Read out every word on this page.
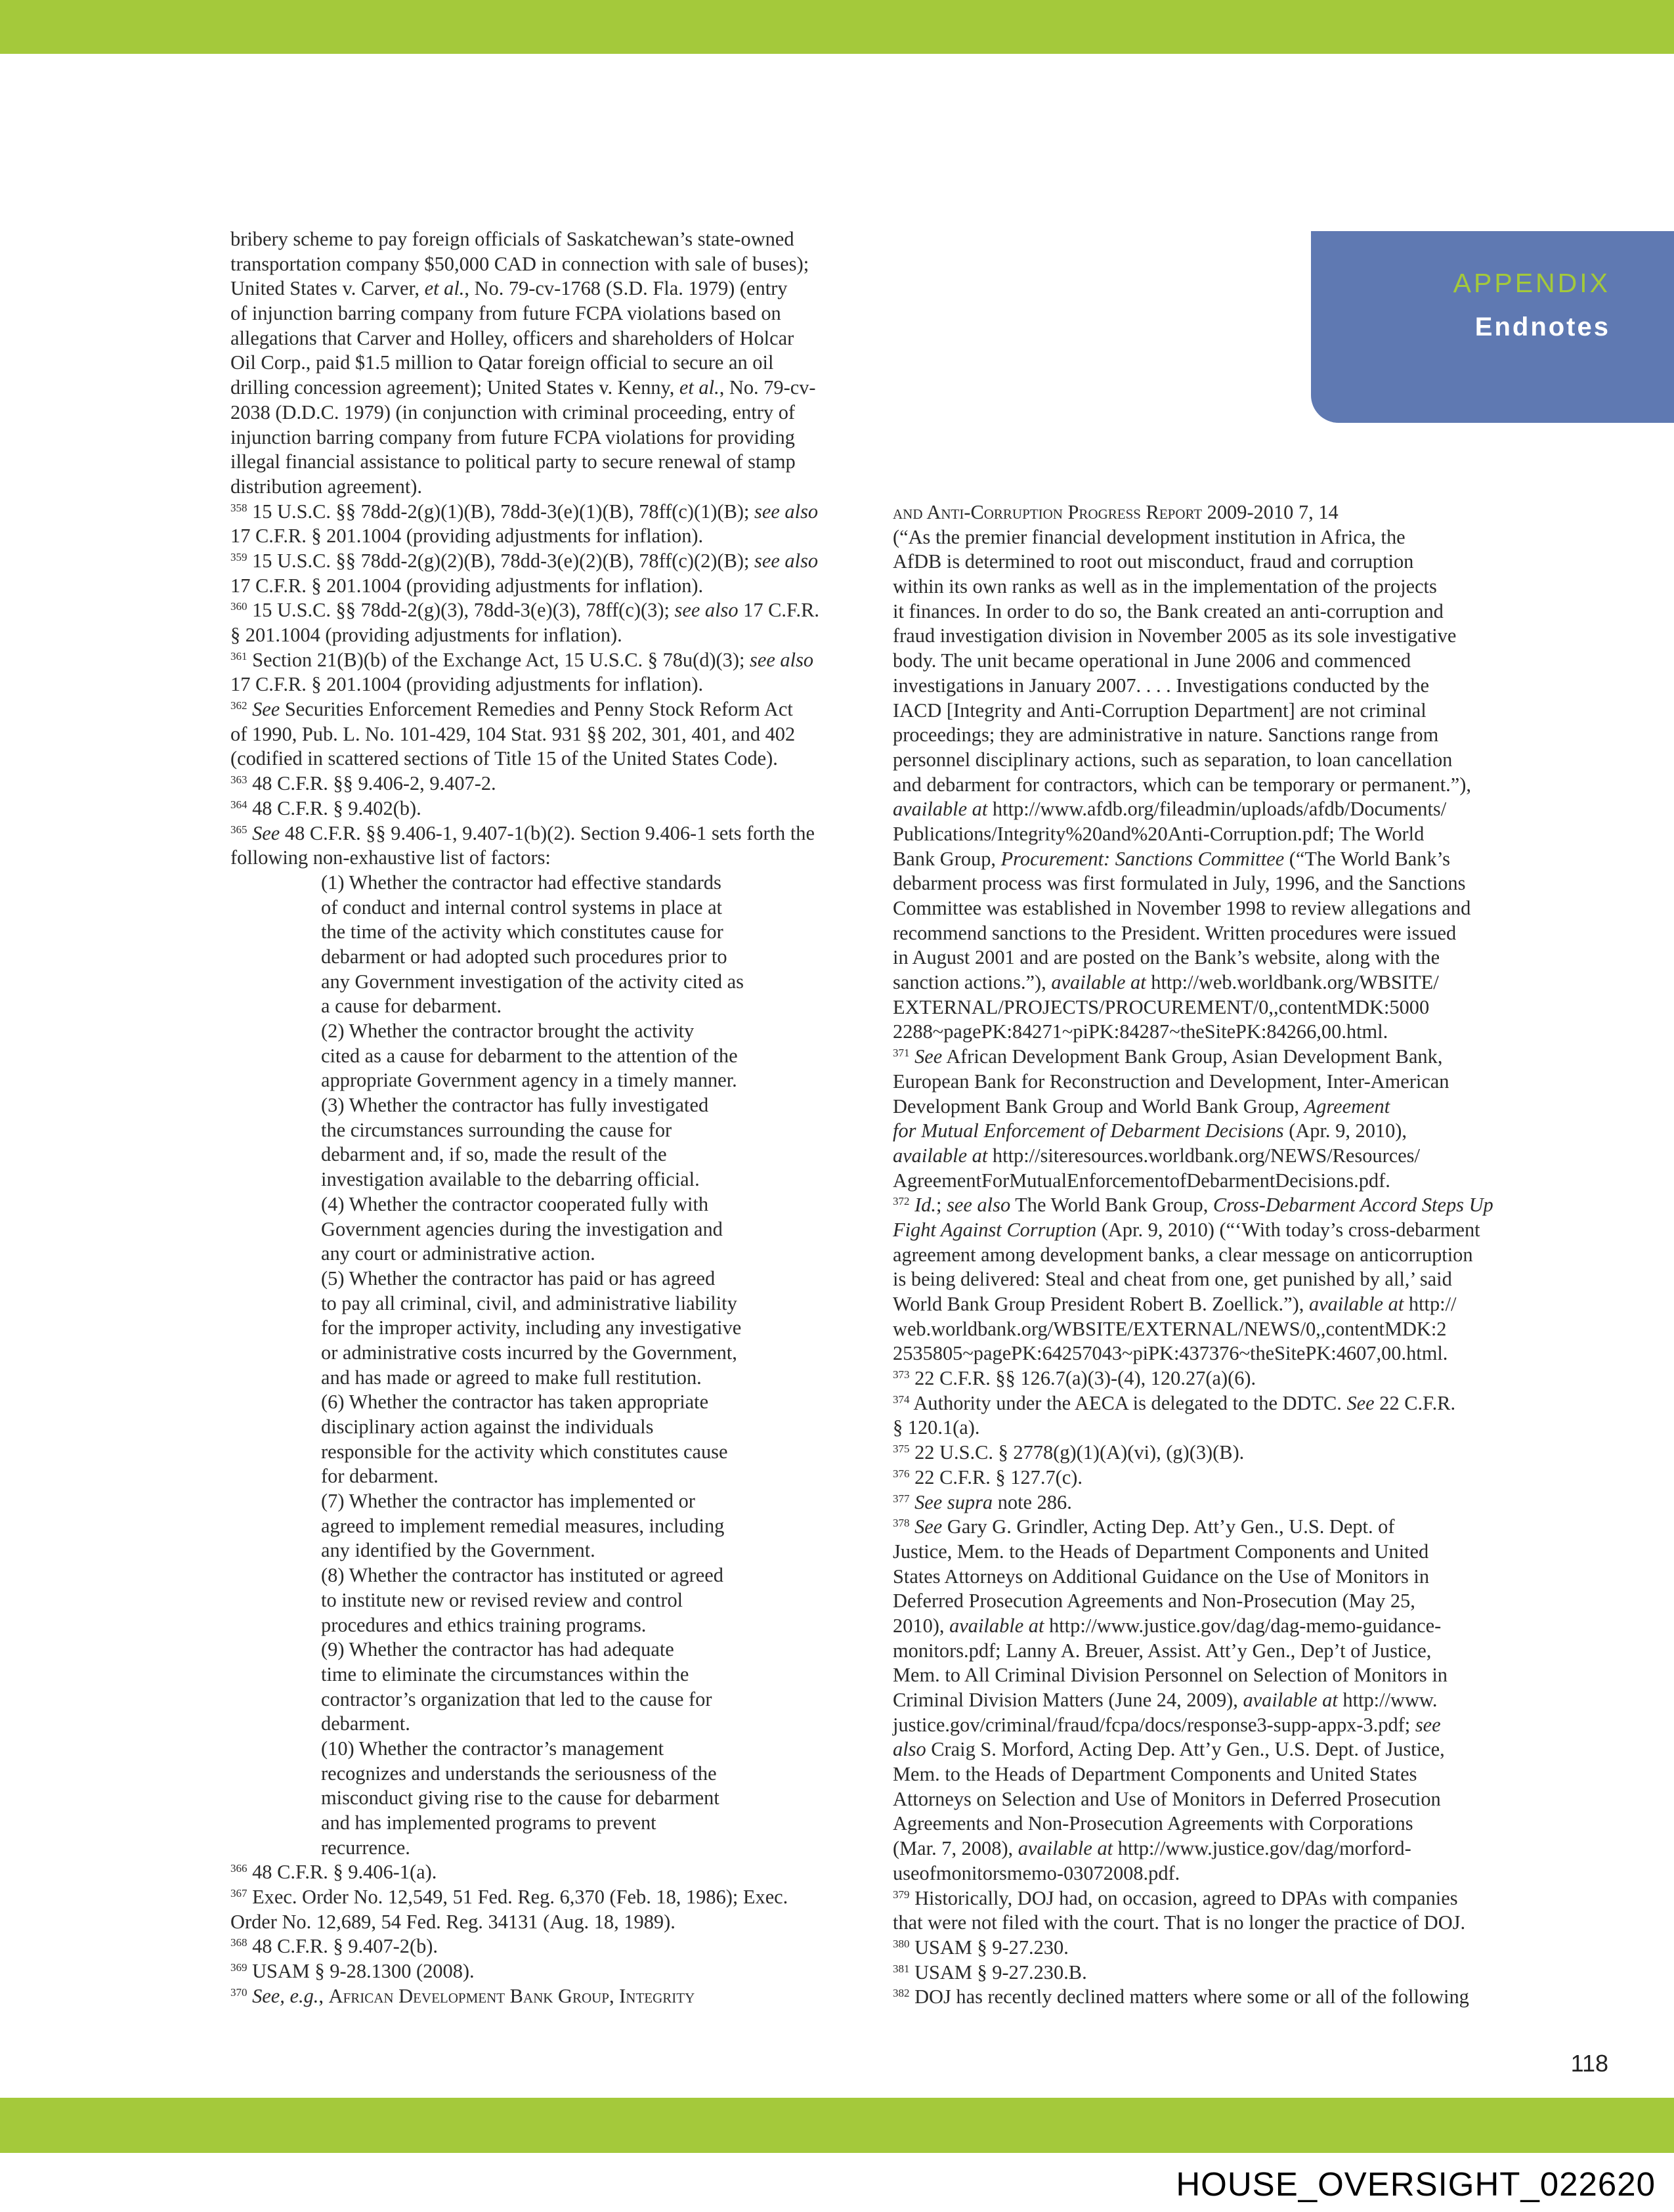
APPENDIX
Endnotes
bribery scheme to pay foreign officials of Saskatchewan’s state-owned
transportation company $50,000 CAD in connection with sale of buses);
United States v. Carver, et al., No. 79-cv-1768 (S.D. Fla. 1979) (entry
of injunction barring company from future FCPA violations based on
allegations that Carver and Holley, officers and shareholders of Holcar
Oil Corp., paid $1.5 million to Qatar foreign official to secure an oil
drilling concession agreement); United States v. Kenny, et al., No. 79-cv-
2038 (D.D.C. 1979) (in conjunction with criminal proceeding, entry of
injunction barring company from future FCPA violations for providing
illegal financial assistance to political party to secure renewal of stamp
distribution agreement).
$^{358}$ 15 U.S.C. §§ 78dd-2(g)(1)(B), 78dd-3(e)(1)(B), 78ff(c)(1)(B); see also
17 C.F.R. § 201.1004 (providing adjustments for inflation).
$^{359}$ 15 U.S.C. §§ 78dd-2(g)(2)(B), 78dd-3(e)(2)(B), 78ff(c)(2)(B); see also
17 C.F.R. § 201.1004 (providing adjustments for inflation).
$^{360}$ 15 U.S.C. §§ 78dd-2(g)(3), 78dd-3(e)(3), 78ff(c)(3); see also 17 C.F.R.
§ 201.1004 (providing adjustments for inflation).
$^{361}$ Section 21(B)(b) of the Exchange Act, 15 U.S.C. § 78u(d)(3); see also
17 C.F.R. § 201.1004 (providing adjustments for inflation).
$^{362}$ See Securities Enforcement Remedies and Penny Stock Reform Act
of 1990, Pub. L. No. 101-429, 104 Stat. 931 §§ 202, 301, 401, and 402
(codified in scattered sections of Title 15 of the United States Code).
$^{363}$ 48 C.F.R. §§ 9.406-2, 9.407-2.
$^{364}$ 48 C.F.R. § 9.402(b).
$^{365}$ See 48 C.F.R. §§ 9.406-1, 9.407-1(b)(2). Section 9.406-1 sets forth the
following non-exhaustive list of factors:
(1) Whether the contractor had effective standards
of conduct and internal control systems in place at
the time of the activity which constitutes cause for
debarment or had adopted such procedures prior to
any Government investigation of the activity cited as
a cause for debarment.
(2) Whether the contractor brought the activity
cited as a cause for debarment to the attention of the
appropriate Government agency in a timely manner.
(3) Whether the contractor has fully investigated
the circumstances surrounding the cause for
debarment and, if so, made the result of the
investigation available to the debarring official.
(4) Whether the contractor cooperated fully with
Government agencies during the investigation and
any court or administrative action.
(5) Whether the contractor has paid or has agreed
to pay all criminal, civil, and administrative liability
for the improper activity, including any investigative
or administrative costs incurred by the Government,
and has made or agreed to make full restitution.
(6) Whether the contractor has taken appropriate
disciplinary action against the individuals
responsible for the activity which constitutes cause
for debarment.
(7) Whether the contractor has implemented or
agreed to implement remedial measures, including
any identified by the Government.
(8) Whether the contractor has instituted or agreed
to institute new or revised review and control
procedures and ethics training programs.
(9) Whether the contractor has had adequate
time to eliminate the circumstances within the
contractor’s organization that led to the cause for
debarment.
(10) Whether the contractor’s management
recognizes and understands the seriousness of the
misconduct giving rise to the cause for debarment
and has implemented programs to prevent
recurrence.
$^{366}$ 48 C.F.R. § 9.406-1(a).
$^{367}$ Exec. Order No. 12,549, 51 Fed. Reg. 6,370 (Feb. 18, 1986); Exec.
Order No. 12,689, 54 Fed. Reg. 34131 (Aug. 18, 1989).
$^{368}$ 48 C.F.R. § 9.407-2(b).
$^{369}$ USAM § 9-28.1300 (2008).
$^{370}$ See, e.g., African Development Bank Group, Integrity
and Anti-Corruption Progress Report 2009-2010 7, 14
(“As the premier financial development institution in Africa, the
AfDB is determined to root out misconduct, fraud and corruption
within its own ranks as well as in the implementation of the projects
it finances. In order to do so, the Bank created an anti-corruption and
fraud investigation division in November 2005 as its sole investigative
body. The unit became operational in June 2006 and commenced
investigations in January 2007. . . . Investigations conducted by the
IACD [Integrity and Anti-Corruption Department] are not criminal
proceedings; they are administrative in nature. Sanctions range from
personnel disciplinary actions, such as separation, to loan cancellation
and debarment for contractors, which can be temporary or permanent.”),
available at http://www.afdb.org/fileadmin/uploads/afdb/Documents/
Publications/Integrity%20and%20Anti-Corruption.pdf; The World
Bank Group, Procurement: Sanctions Committee (“The World Bank’s
debarment process was first formulated in July, 1996, and the Sanctions
Committee was established in November 1998 to review allegations and
recommend sanctions to the President. Written procedures were issued
in August 2001 and are posted on the Bank’s website, along with the
sanction actions.”), available at http://web.worldbank.org/WBSITE/
EXTERNAL/PROJECTS/PROCUREMENT/0,,contentMDK:5000
2288~pagePK:84271~piPK:84287~theSitePK:84266,00.html.
$^{371}$ See African Development Bank Group, Asian Development Bank,
European Bank for Reconstruction and Development, Inter-American
Development Bank Group and World Bank Group, Agreement
for Mutual Enforcement of Debarment Decisions (Apr. 9, 2010),
available at http://siteresources.worldbank.org/NEWS/Resources/
AgreementForMutualEnforcementofDebarmentDecisions.pdf.
$^{372}$ Id.; see also The World Bank Group, Cross-Debarment Accord Steps Up
Fight Against Corruption (Apr. 9, 2010) (“‘With today’s cross-debarment
agreement among development banks, a clear message on anticorruption
is being delivered: Steal and cheat from one, get punished by all,’ said
World Bank Group President Robert B. Zoellick.”), available at http://
web.worldbank.org/WBSITE/EXTERNAL/NEWS/0,,contentMDK:2
2535805~pagePK:64257043~piPK:437376~theSitePK:4607,00.html.
$^{373}$ 22 C.F.R. §§ 126.7(a)(3)-(4), 120.27(a)(6).
$^{374}$ Authority under the AECA is delegated to the DDTC. See 22 C.F.R.
§ 120.1(a).
$^{375}$ 22 U.S.C. § 2778(g)(1)(A)(vi), (g)(3)(B).
$^{376}$ 22 C.F.R. § 127.7(c).
$^{377}$ See supra note 286.
$^{378}$ See Gary G. Grindler, Acting Dep. Att’y Gen., U.S. Dept. of
Justice, Mem. to the Heads of Department Components and United
States Attorneys on Additional Guidance on the Use of Monitors in
Deferred Prosecution Agreements and Non-Prosecution (May 25,
2010), available at http://www.justice.gov/dag/dag-memo-guidance-
monitors.pdf; Lanny A. Breuer, Assist. Att’y Gen., Dep’t of Justice,
Mem. to All Criminal Division Personnel on Selection of Monitors in
Criminal Division Matters (June 24, 2009), available at http://www.
justice.gov/criminal/fraud/fcpa/docs/response3-supp-appx-3.pdf; see
also Craig S. Morford, Acting Dep. Att’y Gen., U.S. Dept. of Justice,
Mem. to the Heads of Department Components and United States
Attorneys on Selection and Use of Monitors in Deferred Prosecution
Agreements and Non-Prosecution Agreements with Corporations
(Mar. 7, 2008), available at http://www.justice.gov/dag/morford-
useofmonitorsmemo-03072008.pdf.
$^{379}$ Historically, DOJ had, on occasion, agreed to DPAs with companies
that were not filed with the court. That is no longer the practice of DOJ.
$^{380}$ USAM § 9-27.230.
$^{381}$ USAM § 9-27.230.B.
$^{382}$ DOJ has recently declined matters where some or all of the following
118
HOUSE_OVERSIGHT_022620
